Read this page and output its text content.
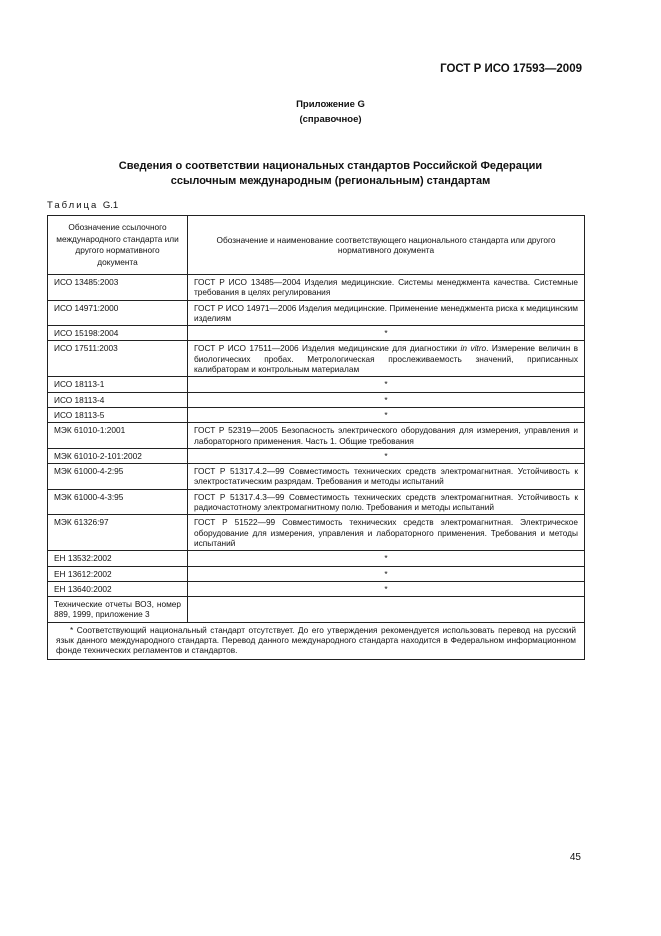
ГОСТ Р ИСО 17593—2009
Приложение G
(справочное)
Сведения о соответствии национальных стандартов Российской Федерации
ссылочным международным (региональным) стандартам
Таблица G.1
Обозначение ссылочного международного стандарта или другого нормативного документа	Обозначение и наименование соответствующего национального стандарта или другого нормативного документа
ИСО 13485:2003	ГОСТ Р ИСО 13485—2004 Изделия медицинские. Системы менеджмента качества. Системные требования в целях регулирования
ИСО 14971:2000	ГОСТ Р ИСО 14971—2006 Изделия медицинские. Применение менеджмента риска к медицинским изделиям
ИСО 15198:2004	*
ИСО 17511:2003	ГОСТ Р ИСО 17511—2006 Изделия медицинские для диагностики in vitro. Измерение величин в биологических пробах. Метрологическая прослеживаемость значений, приписанных калибраторам и контрольным материалам
ИСО 18113-1	*
ИСО 18113-4	*
ИСО 18113-5	*
МЭК 61010-1:2001	ГОСТ Р 52319—2005 Безопасность электрического оборудования для измерения, управления и лабораторного применения. Часть 1. Общие требования
МЭК 61010-2-101:2002	*
МЭК 61000-4-2:95	ГОСТ Р 51317.4.2—99 Совместимость технических средств электромагнитная. Устойчивость к электростатическим разрядам. Требования и методы испытаний
МЭК 61000-4-3:95	ГОСТ Р 51317.4.3—99 Совместимость технических средств электромагнитная. Устойчивость к радиочастотному электромагнитному полю. Требования и методы испытаний
МЭК 61326:97	ГОСТ Р 51522—99 Совместимость технических средств электромагнитная. Электрическое оборудование для измерения, управления и лабораторного применения. Требования и методы испытаний
ЕН 13532:2002	*
ЕН 13612:2002	*
ЕН 13640:2002	*
Технические отчеты ВОЗ, номер 889, 1999, приложение 3	
* Соответствующий национальный стандарт отсутствует. До его утверждения рекомендуется использовать перевод на русский язык данного международного стандарта. Перевод данного международного стандарта находится в Федеральном информационном фонде технических регламентов и стандартов.	
45
